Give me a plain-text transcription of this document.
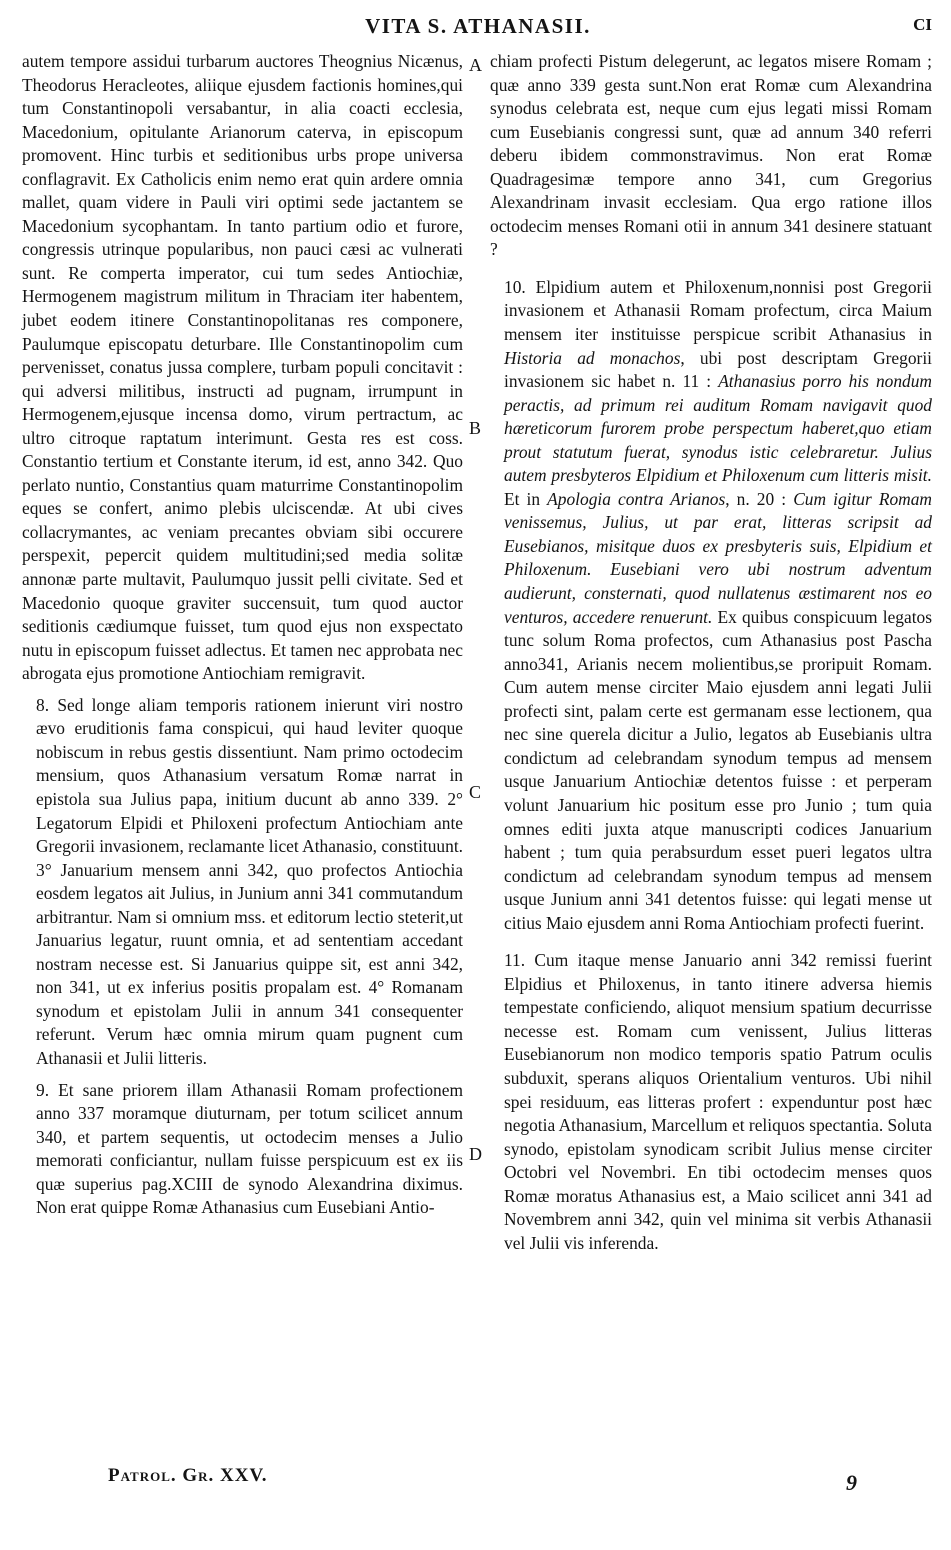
VITA S. ATHANASII.	CI

autem tempore assidui turbarum auctores Theognius Nicænus, Theodorus Heracleotes, aliique ejusdem factionis homines,qui tum Constantinopoli versabantur, in alia coacti ecclesia, Macedonium, opitulante Arianorum caterva, in episcopum promovent. Hinc turbis et seditionibus urbs prope universa conflagravit. Ex Catholicis enim nemo erat quin ardere omnia mallet, quam videre in Pauli viri optimi sede jactantem se Macedonium sycophantam. In tanto partium odio et furore, congressis utrinque popularibus, non pauci cæsi ac vulnerati sunt. Re comperta imperator, cui tum sedes Antiochiæ, Hermogenem magistrum militum in Thraciam iter habentem, jubet eodem itinere Constantinopolitanas res componere, Paulumque episcopatu deturbare. Ille Constantinopolim cum pervenisset, conatus jussa complere, turbam populi concitavit : qui adversi militibus, instructi ad pugnam, irrumpunt in Hermogenem,ejusque incensa domo, virum pertractum, ac ultro citroque raptatum interimunt. Gesta res est coss. Constantio tertium et Constante iterum, id est, anno 342. Quo perlato nuntio, Constantius quam maturrime Constantinopolim eques se confert, animo plebis ulciscendæ. At ubi cives collacrymantes, ac veniam precantes obviam sibi occurere perspexit, pepercit quidem multitudini;sed media solitæ annonæ parte multavit, Paulumquo jussit pelli civitate. Sed et Macedonio quoque graviter succensuit, tum quod auctor seditionis cædiumque fuisset, tum quod ejus non exspectato nutu in episcopum fuisset adlectus. Et tamen nec approbata nec abrogata ejus promotione Antiochiam remigravit.

8. Sed longe aliam temporis rationem inierunt viri nostro ævo eruditionis fama conspicui, qui haud leviter quoque nobiscum in rebus gestis dissentiunt. Nam primo octodecim mensium, quos Athanasium versatum Romæ narrat in epistola sua Julius papa, initium ducunt ab anno 339. 2° Legatorum Elpidi et Philoxeni profectum Antiochiam ante Gregorii invasionem, reclamante licet Athanasio, constituunt. 3° Januarium mensem anni 342, quo profectos Antiochia eosdem legatos ait Julius, in Junium anni 341 commutandum arbitrantur. Nam si omnium mss. et editorum lectio steterit,ut Januarius legatur, ruunt omnia, et ad sententiam accedant nostram necesse est. Si Januarius quippe sit, est anni 342, non 341, ut ex inferius positis propalam est. 4° Romanam synodum et epistolam Julii in annum 341 consequenter referunt. Verum hæc omnia mirum quam pugnent cum Athanasii et Julii litteris.

9. Et sane priorem illam Athanasii Romam profectionem anno 337 moramque diuturnam, per totum scilicet annum 340, et partem sequentis, ut octodecim menses a Julio memorati conficiantur, nullam fuisse perspicuum est ex iis quæ superius pag.XCIII de synodo Alexandrina diximus. Non erat quippe Romæ Athanasius cum Eusebiani Antio-

A
B
C
D

chiam profecti Pistum delegerunt, ac legatos misere Romam ; quæ anno 339 gesta sunt.Non erat Romæ cum Alexandrina synodus celebrata est, neque cum ejus legati missi Romam cum Eusebianis congressi sunt, quæ ad annum 340 referri deberu ibidem commonstravimus. Non erat Romæ Quadragesimæ tempore anno 341, cum Gregorius Alexandrinam invasit ecclesiam. Qua ergo ratione illos octodecim menses Romani otii in annum 341 desinere statuant ?

10. Elpidium autem et Philoxenum,nonnisi post Gregorii invasionem et Athanasii Romam profectum, circa Maium mensem iter instituisse perspicue scribit Athanasius in Historia ad monachos, ubi post descriptam Gregorii invasionem sic habet n. 11 : Athanasius porro his nondum peractis, ad primum rei auditum Romam navigavit quod hæreticorum furorem probe perspectum haberet,quo etiam prout statutum fuerat, synodus istic celebraretur. Julius autem presbyteros Elpidium et Philoxenum cum litteris misit. Et in Apologia contra Arianos, n. 20 : Cum igitur Romam venissemus, Julius, ut par erat, litteras scripsit ad Eusebianos, misitque duos ex presbyteris suis, Elpidium et Philoxenum. Eusebiani vero ubi nostrum adventum audierunt, consternati, quod nullatenus æstimarent nos eo venturos, accedere renuerunt. Ex quibus conspicuum legatos tunc solum Roma profectos, cum Athanasius post Pascha anno341, Arianis necem molientibus,se proripuit Romam. Cum autem mense circiter Maio ejusdem anni legati Julii profecti sint, palam certe est germanam esse lectionem, qua nec sine querela dicitur a Julio, legatos ab Eusebianis ultra condictum ad celebrandam synodum tempus ad mensem usque Januarium Antiochiæ detentos fuisse : et perperam volunt Januarium hic positum esse pro Junio ; tum quia omnes editi juxta atque manuscripti codices Januarium habent ; tum quia perabsurdum esset pueri legatos ultra condictum ad celebrandam synodum tempus ad mensem usque Junium anni 341 detentos fuisse: qui legati mense ut citius Maio ejusdem anni Roma Antiochiam profecti fuerint.

11. Cum itaque mense Januario anni 342 remissi fuerint Elpidius et Philoxenus, in tanto itinere adversa hiemis tempestate conficiendo, aliquot mensium spatium decurrisse necesse est. Romam cum venissent, Julius litteras Eusebianorum non modico temporis spatio Patrum oculis subduxit, sperans aliquos Orientalium venturos. Ubi nihil spei residuum, eas litteras profert : expenduntur post hæc negotia Athanasium, Marcellum et reliquos spectantia. Soluta synodo, epistolam synodicam scribit Julius mense circiter Octobri vel Novembri. En tibi octodecim menses quos Romæ moratus Athanasius est, a Maio scilicet anni 341 ad Novembrem anni 342, quin vel minima sit verbis Athanasii vel Julii vis inferenda.

Patrol. Gr. XXV.	9
